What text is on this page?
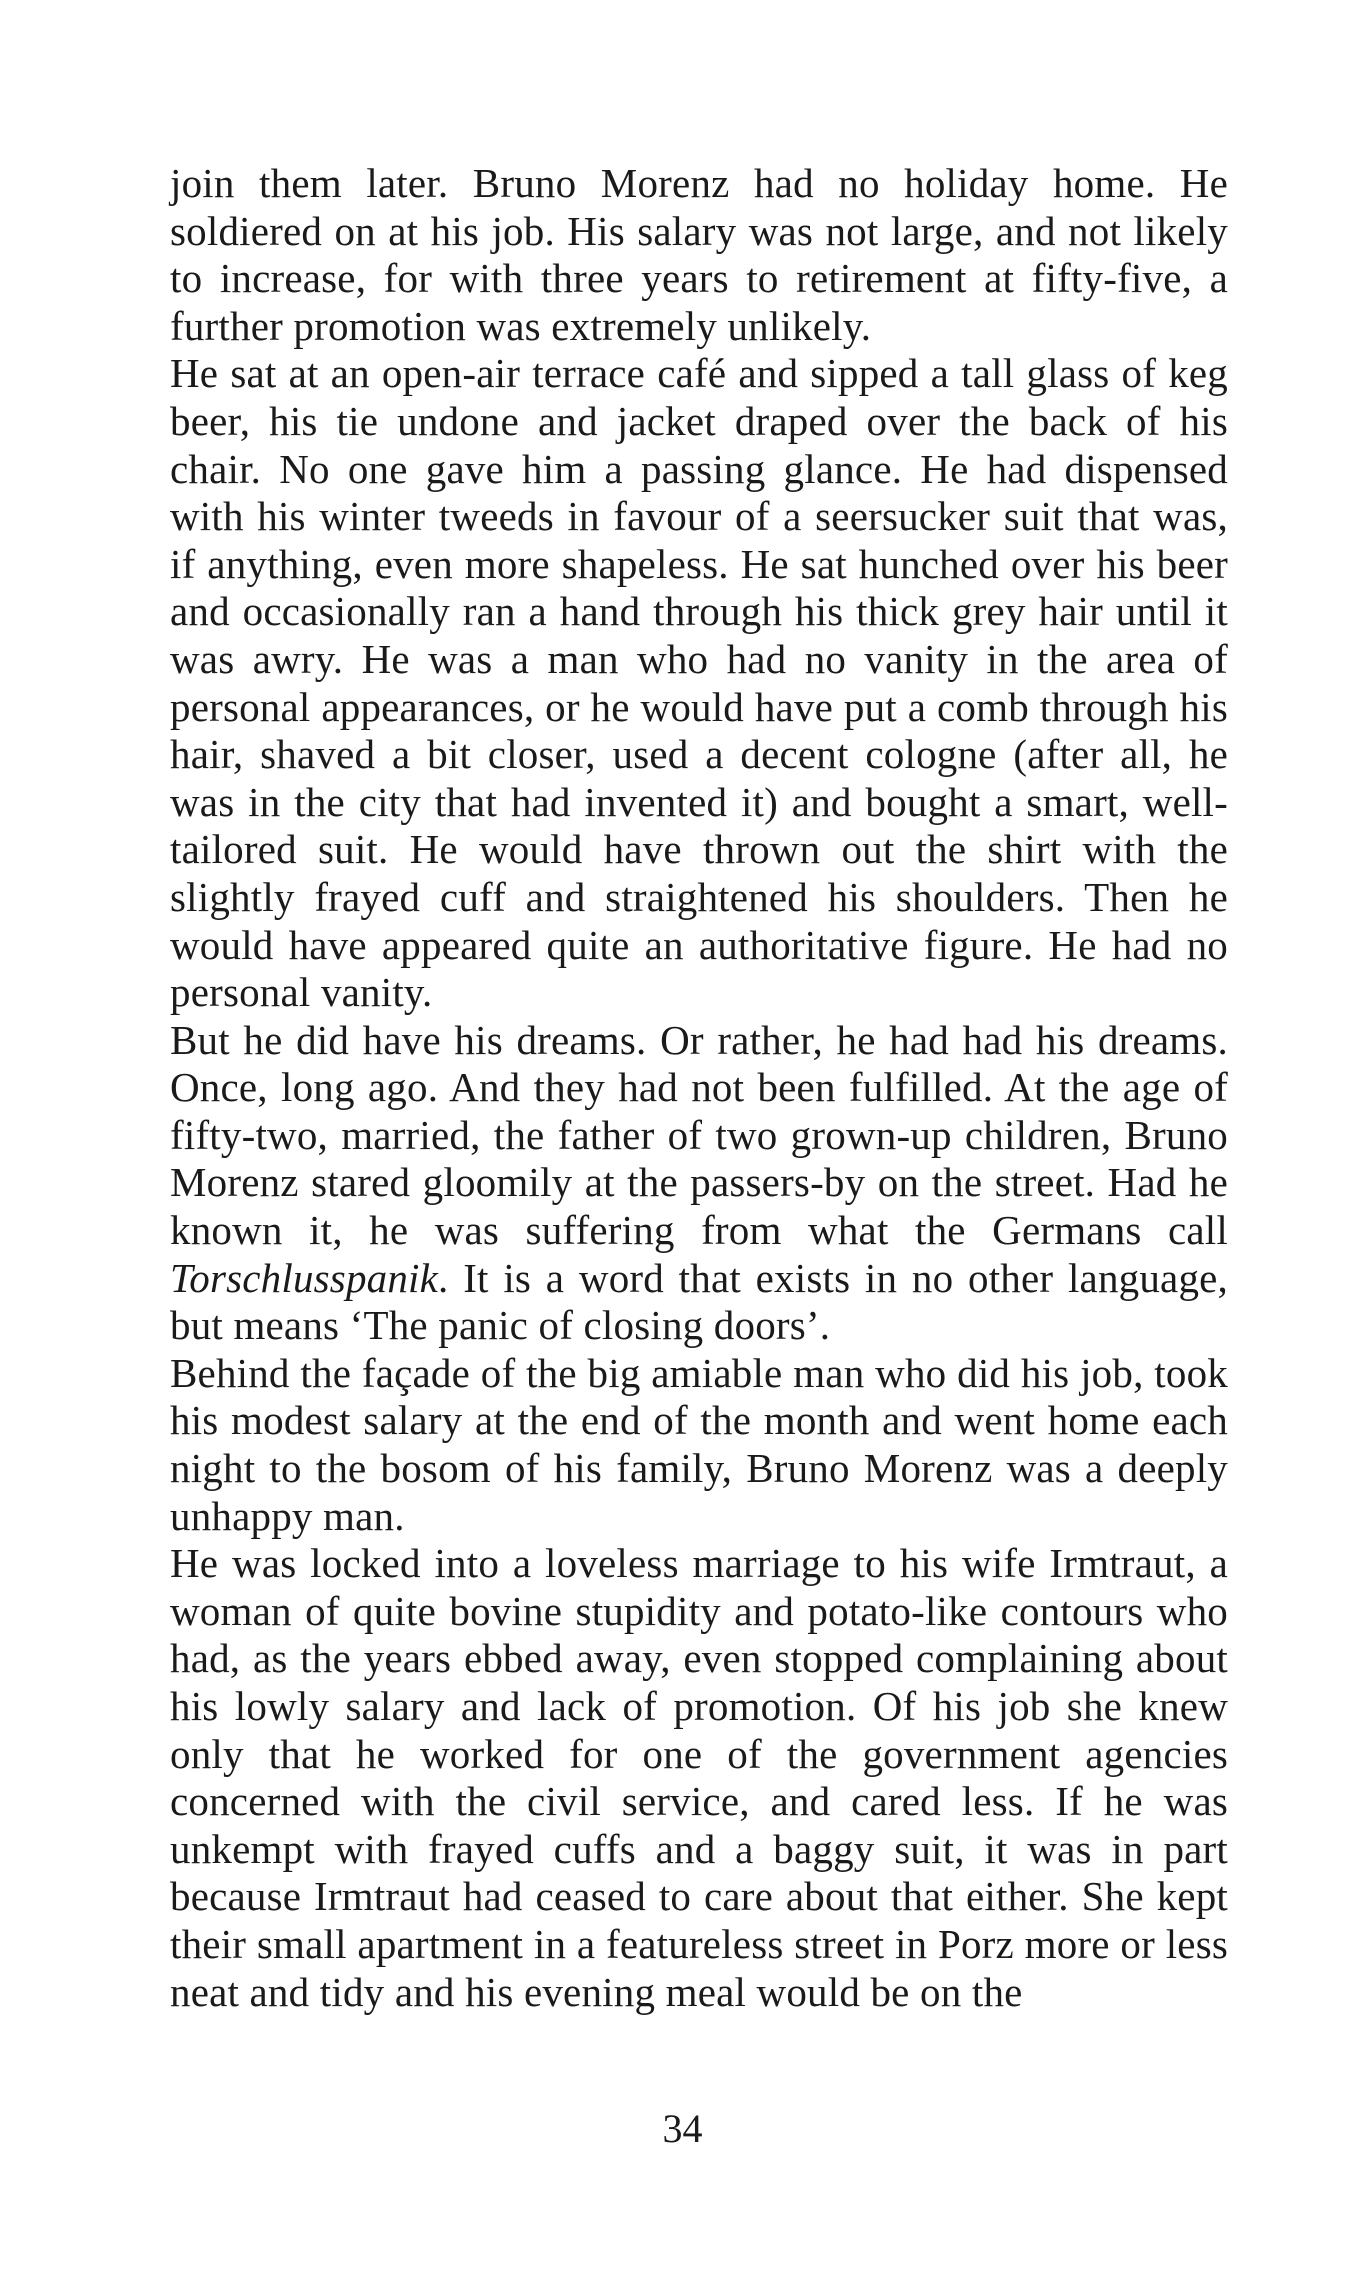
join them later. Bruno Morenz had no holiday home. He soldiered on at his job. His salary was not large, and not likely to increase, for with three years to retirement at fifty-five, a further promotion was extremely unlikely.

He sat at an open-air terrace café and sipped a tall glass of keg beer, his tie undone and jacket draped over the back of his chair. No one gave him a passing glance. He had dispensed with his winter tweeds in favour of a seersucker suit that was, if anything, even more shapeless. He sat hunched over his beer and occasionally ran a hand through his thick grey hair until it was awry. He was a man who had no vanity in the area of personal appearances, or he would have put a comb through his hair, shaved a bit closer, used a decent cologne (after all, he was in the city that had invented it) and bought a smart, well-tailored suit. He would have thrown out the shirt with the slightly frayed cuff and straightened his shoulders. Then he would have appeared quite an authoritative figure. He had no personal vanity.

But he did have his dreams. Or rather, he had had his dreams. Once, long ago. And they had not been fulfilled. At the age of fifty-two, married, the father of two grown-up children, Bruno Morenz stared gloomily at the passers-by on the street. Had he known it, he was suffering from what the Germans call Torschlusspanik. It is a word that exists in no other language, but means ‘The panic of closing doors’.

Behind the façade of the big amiable man who did his job, took his modest salary at the end of the month and went home each night to the bosom of his family, Bruno Morenz was a deeply unhappy man.

He was locked into a loveless marriage to his wife Irmtraut, a woman of quite bovine stupidity and potato-like contours who had, as the years ebbed away, even stopped complaining about his lowly salary and lack of promotion. Of his job she knew only that he worked for one of the government agencies concerned with the civil service, and cared less. If he was unkempt with frayed cuffs and a baggy suit, it was in part because Irmtraut had ceased to care about that either. She kept their small apartment in a featureless street in Porz more or less neat and tidy and his evening meal would be on the

34
